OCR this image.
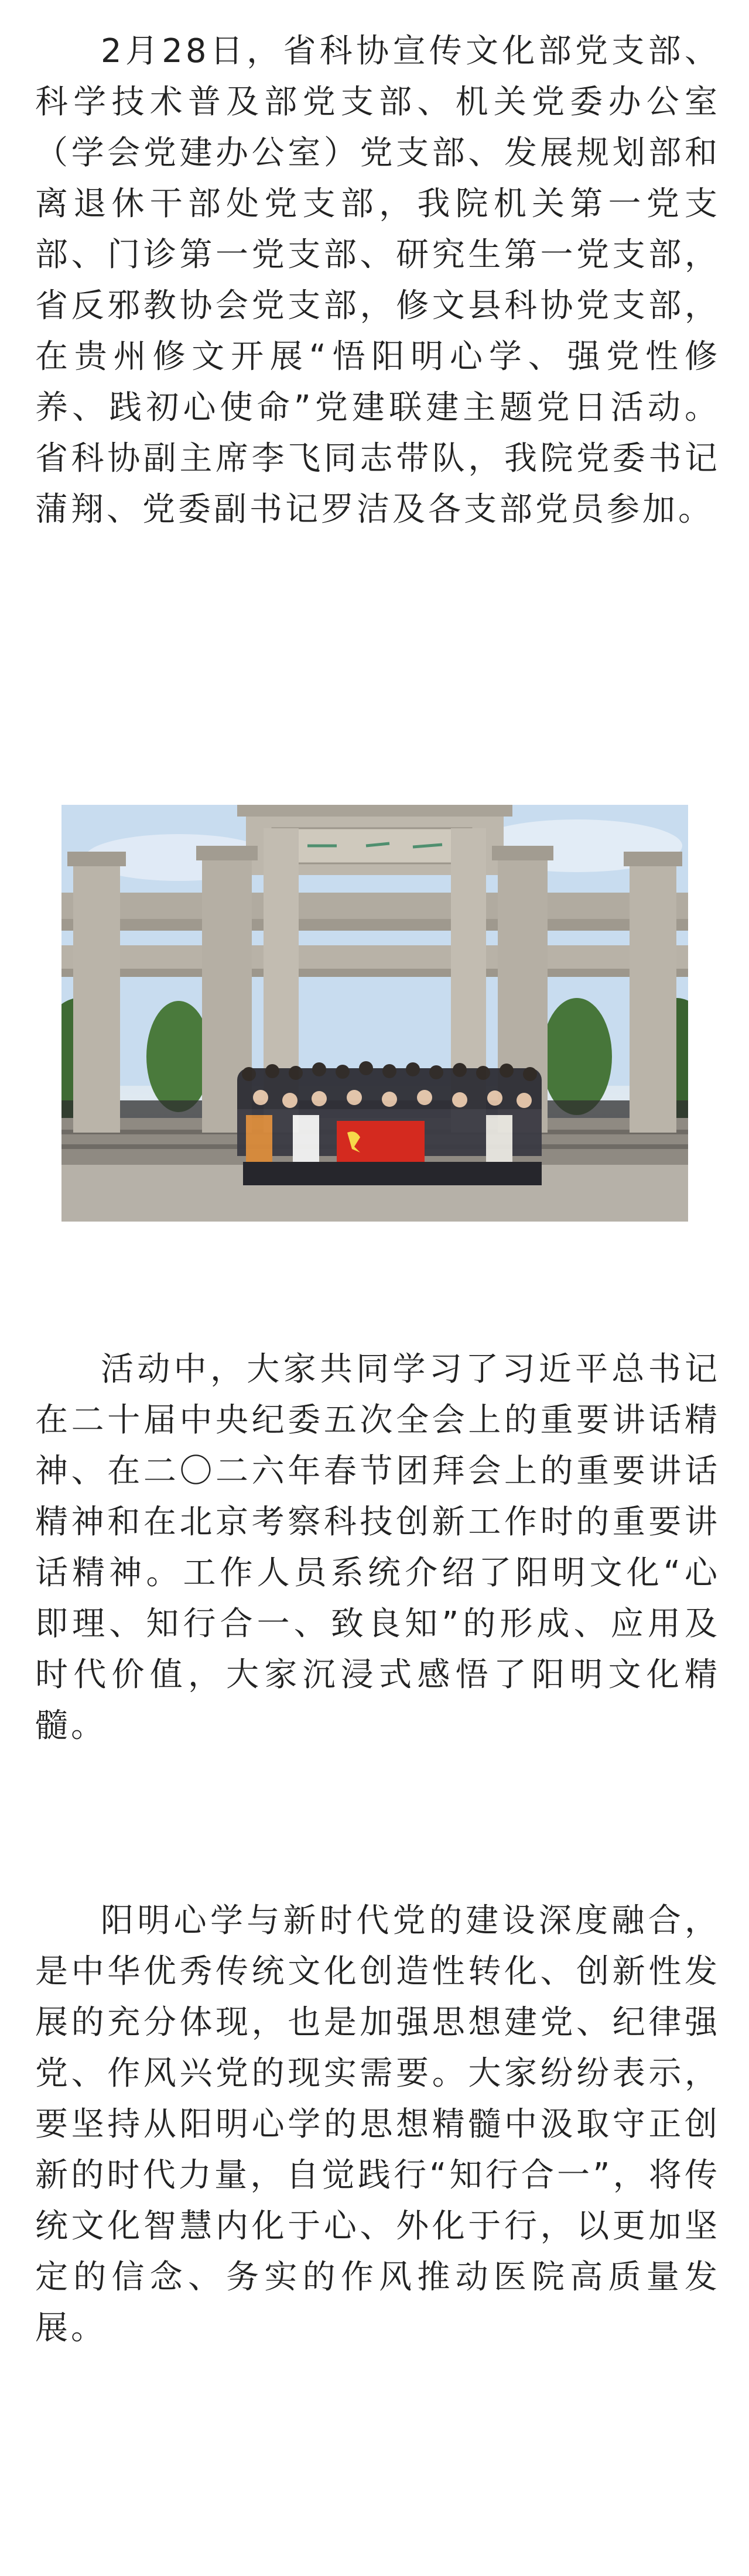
2月28日，省科协宣传文化部党支部、科学技术普及部党支部、机关党委办公室（学会党建办公室）党支部、发展规划部和离退休干部处党支部，我院机关第一党支部、门诊第一党支部、研究生第一党支部，省反邪教协会党支部，修文县科协党支部，在贵州修文开展“悟阳明心学、强党性修养、践初心使命”党建联建主题党日活动。省科协副主席李飞同志带队，我院党委书记蒲翔、党委副书记罗洁及各支部党员参加。

活动中，大家共同学习了习近平总书记在二十届中央纪委五次全会上的重要讲话精神、在二〇二六年春节团拜会上的重要讲话精神和在北京考察科技创新工作时的重要讲话精神。工作人员系统介绍了阳明文化“心即理、知行合一、致良知”的形成、应用及时代价值，大家沉浸式感悟了阳明文化精髓。

阳明心学与新时代党的建设深度融合，是中华优秀传统文化创造性转化、创新性发展的充分体现，也是加强思想建党、纪律强党、作风兴党的现实需要。大家纷纷表示，要坚持从阳明心学的思想精髓中汲取守正创新的时代力量，自觉践行“知行合一”，将传统文化智慧内化于心、外化于行，以更加坚定的信念、务实的作风推动医院高质量发展。
